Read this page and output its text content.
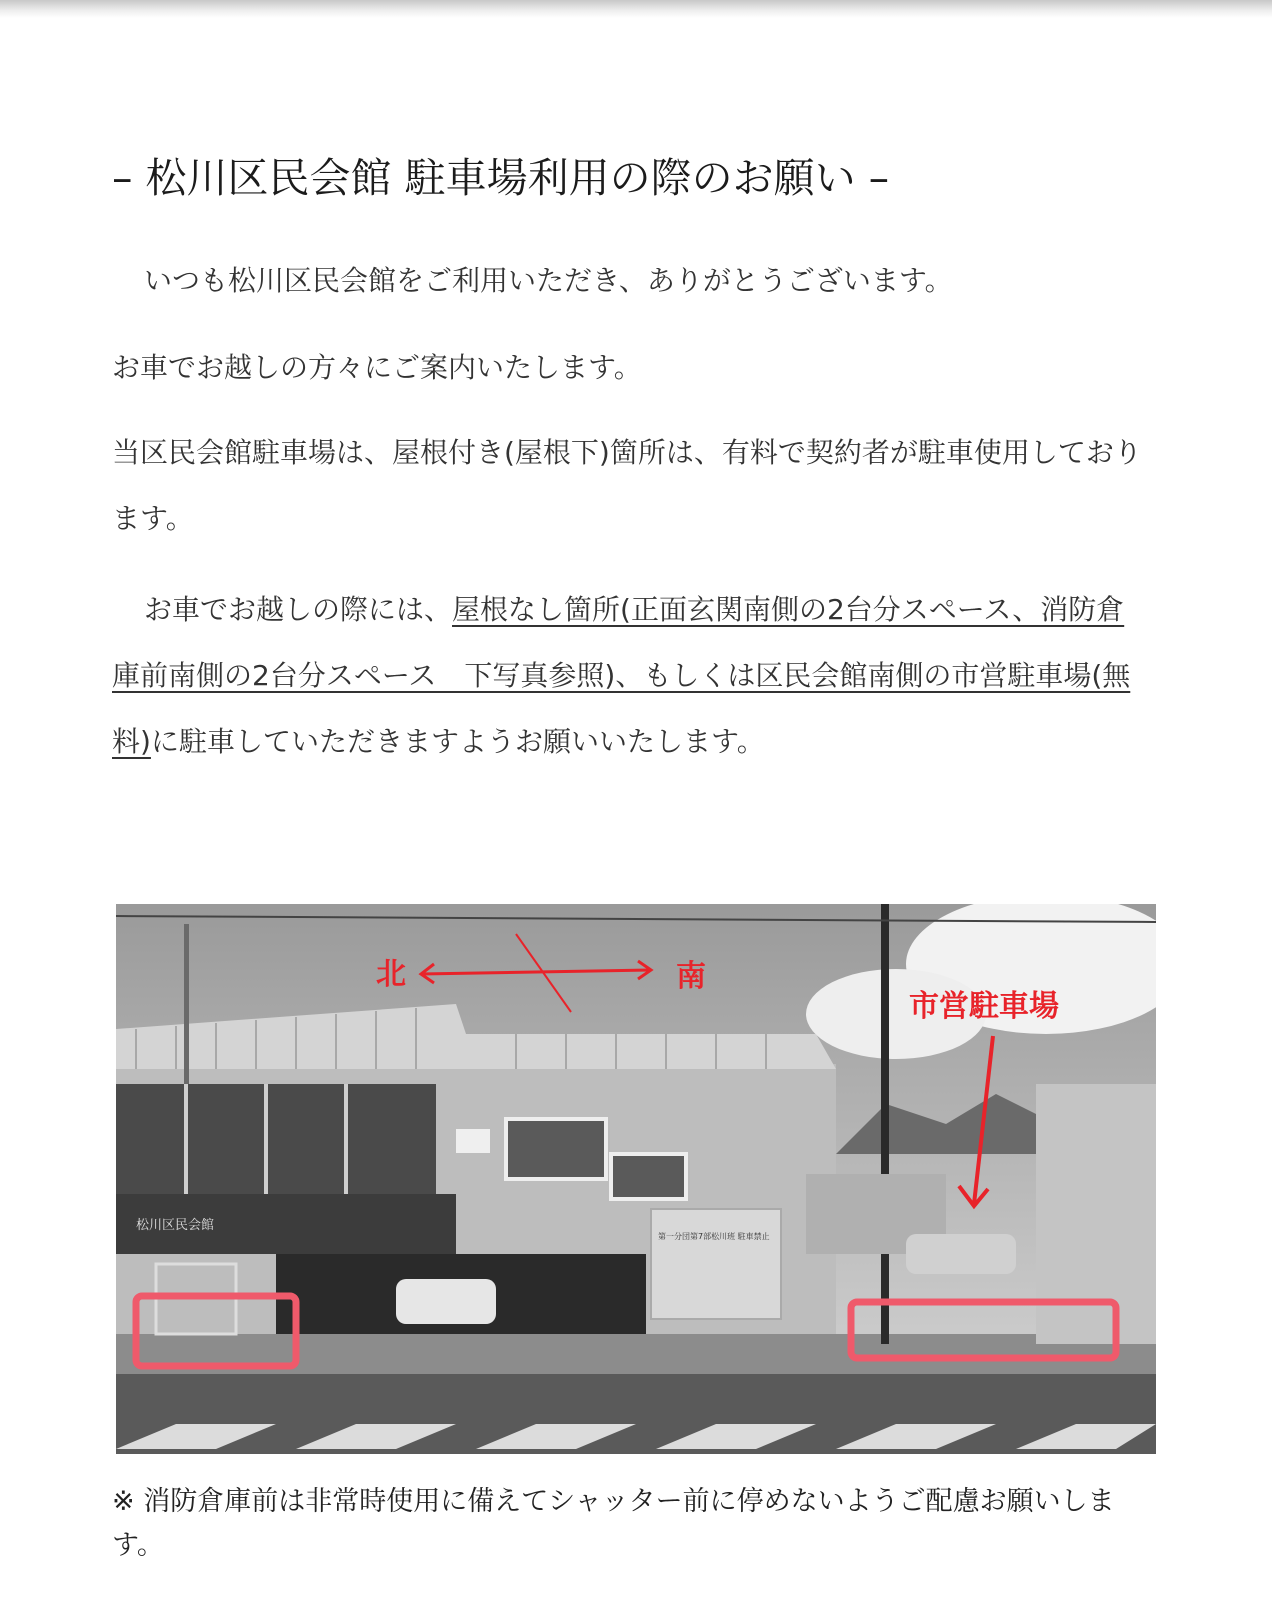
– 松川区民会館 駐車場利用の際のお願い –

いつも松川区民会館をご利用いただき、ありがとうございます。

お車でお越しの方々にご案内いたします。

当区民会館駐車場は、屋根付き(屋根下)箇所は、有料で契約者が駐車使用しております。

お車でお越しの際には、屋根なし箇所(正面玄関南側の2台分スペース、消防倉庫前南側の2台分スペース　下写真参照)、もしくは区民会館南側の市営駐車場(無料)に駐車していただきますようお願いいたします。

松川区民会館
第一分団第7部松川班 駐車禁止
北	南
市営駐車場

※ 消防倉庫前は非常時使用に備えてシャッター前に停めないようご配慮お願いします。
